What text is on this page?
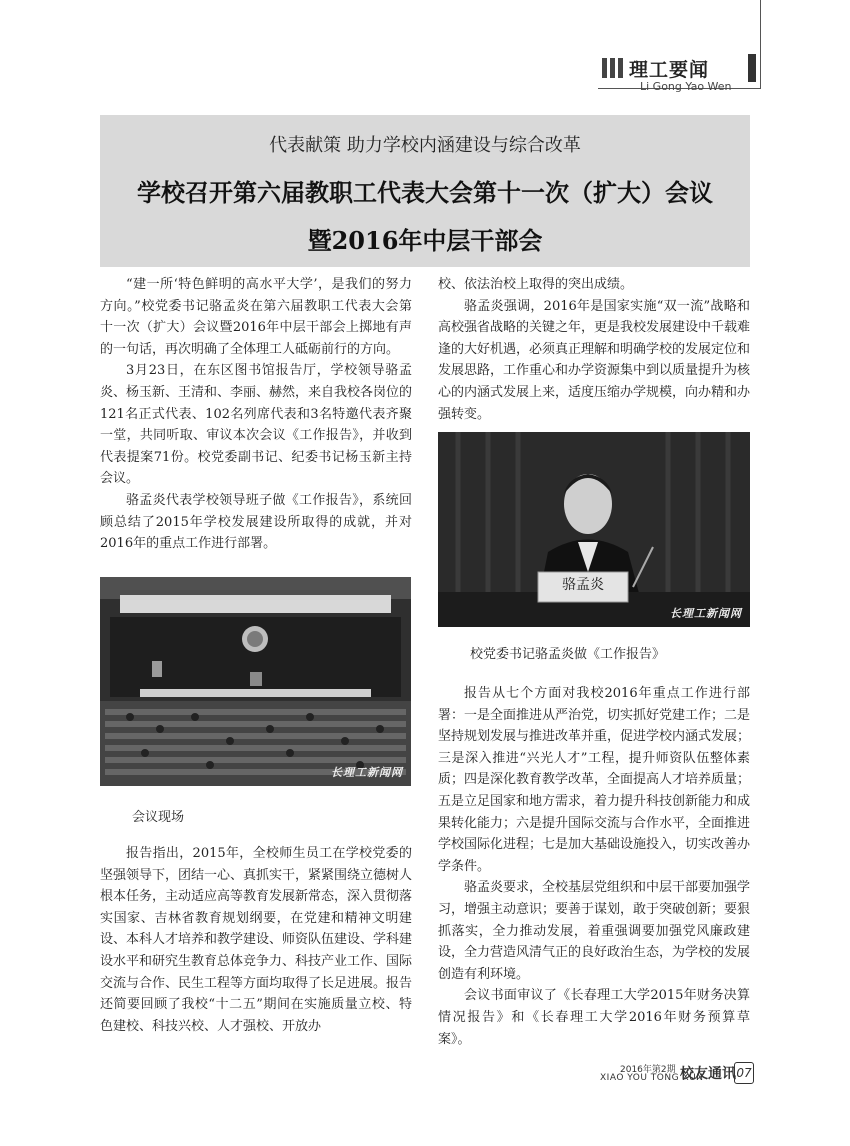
理工要闻
Li Gong Yao Wen
代表献策 助力学校内涵建设与综合改革
学校召开第六届教职工代表大会第十一次（扩大）会议
暨2016年中层干部会

“建一所‘特色鲜明的高水平大学’，是我们的努力方向。”校党委书记骆孟炎在第六届教职工代表大会第十一次（扩大）会议暨2016年中层干部会上掷地有声的一句话，再次明确了全体理工人砥砺前行的方向。

3月23日，在东区图书馆报告厅，学校领导骆孟炎、杨玉新、王清和、李丽、赫然，来自我校各岗位的121名正式代表、102名列席代表和3名特邀代表齐聚一堂，共同听取、审议本次会议《工作报告》，并收到代表提案71份。校党委副书记、纪委书记杨玉新主持会议。

骆孟炎代表学校领导班子做《工作报告》，系统回顾总结了2015年学校发展建设所取得的成就，并对2016年的重点工作进行部署。

长理工新闻网
会议现场

报告指出，2015年，全校师生员工在学校党委的坚强领导下，团结一心、真抓实干，紧紧围绕立德树人根本任务，主动适应高等教育发展新常态，深入贯彻落实国家、吉林省教育规划纲要，在党建和精神文明建设、本科人才培养和教学建设、师资队伍建设、学科建设水平和研究生教育总体竞争力、科技产业工作、国际交流与合作、民生工程等方面均取得了长足进展。报告还简要回顾了我校“十二五”期间在实施质量立校、特色建校、科技兴校、人才强校、开放办

校、依法治校上取得的突出成绩。

骆孟炎强调，2016年是国家实施“双一流”战略和高校强省战略的关键之年，更是我校发展建设中千载难逢的大好机遇，必须真正理解和明确学校的发展定位和发展思路，工作重心和办学资源集中到以质量提升为核心的内涵式发展上来，适度压缩办学规模，向办精和办强转变。

骆孟炎
长理工新闻网
校党委书记骆孟炎做《工作报告》

报告从七个方面对我校2016年重点工作进行部署：一是全面推进从严治党，切实抓好党建工作；二是坚持规划发展与推进改革并重，促进学校内涵式发展；三是深入推进“兴光人才”工程，提升师资队伍整体素质；四是深化教育教学改革，全面提高人才培养质量；五是立足国家和地方需求，着力提升科技创新能力和成果转化能力；六是提升国际交流与合作水平，全面推进学校国际化进程；七是加大基础设施投入，切实改善办学条件。

骆孟炎要求，全校基层党组织和中层干部要加强学习，增强主动意识；要善于谋划，敢于突破创新；要狠抓落实，全力推动发展，着重强调要加强党风廉政建设，全力营造风清气正的良好政治生态，为学校的发展创造有利环境。

会议书面审议了《长春理工大学2015年财务决算情况报告》和《长春理工大学2016年财务预算草案》。

2016年第2期
XIAO YOU TONG XUN
校友通讯 07
